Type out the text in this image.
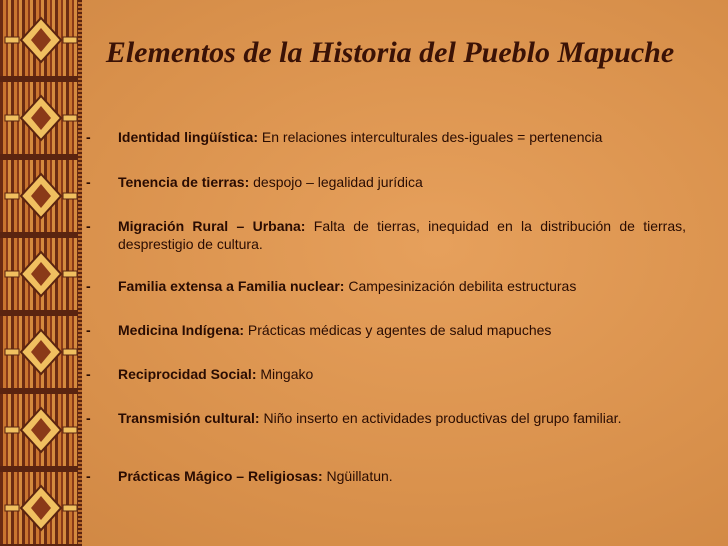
Elementos de la Historia del Pueblo Mapuche
- Identidad lingüística: En relaciones interculturales des-iguales = pertenencia
- Tenencia de tierras: despojo – legalidad jurídica
- Migración Rural – Urbana: Falta de tierras, inequidad en la distribución de tierras, desprestigio de cultura.
- Familia extensa a Familia nuclear: Campesinización debilita estructuras
- Medicina Indígena: Prácticas médicas y agentes de salud mapuches
- Reciprocidad Social: Mingako
- Transmisión cultural: Niño inserto en actividades productivas del grupo familiar.
- Prácticas Mágico – Religiosas: Ngüillatun.
